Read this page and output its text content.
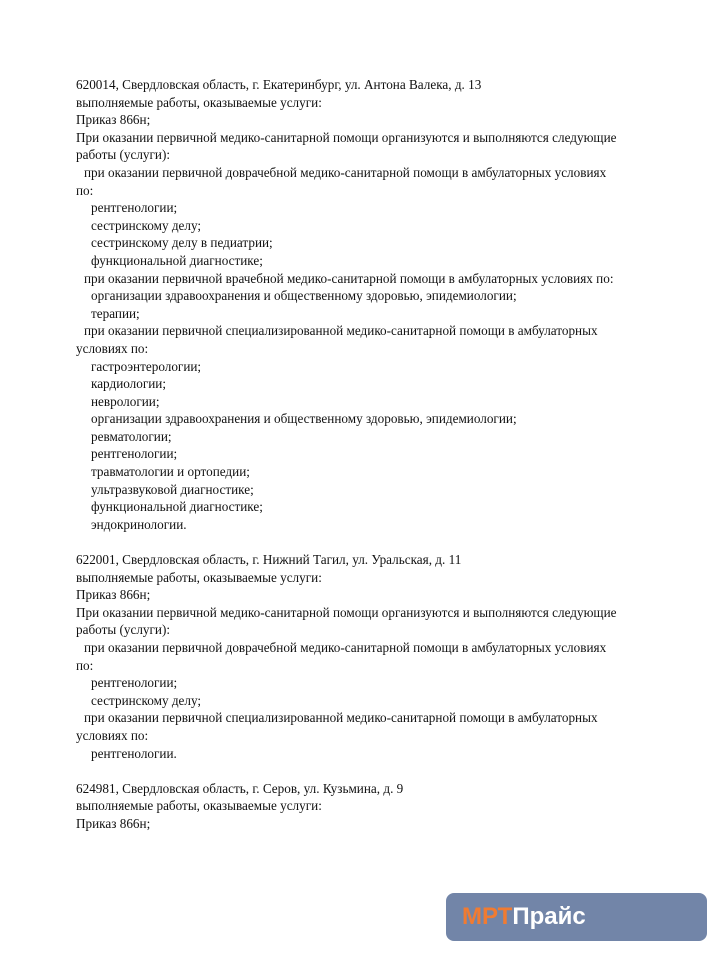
620014, Свердловская область, г. Екатеринбург, ул. Антона Валека, д. 13
выполняемые работы, оказываемые услуги:
Приказ 866н;
При оказании первичной медико-санитарной помощи организуются и выполняются следующие
работы (услуги):
при оказании первичной доврачебной медико-санитарной помощи в амбулаторных условиях
по:
рентгенологии;
сестринскому делу;
сестринскому делу в педиатрии;
функциональной диагностике;
при оказании первичной врачебной медико-санитарной помощи в амбулаторных условиях по:
организации здравоохранения и общественному здоровью, эпидемиологии;
терапии;
при оказании первичной специализированной медико-санитарной помощи в амбулаторных
условиях по:
гастроэнтерологии;
кардиологии;
неврологии;
организации здравоохранения и общественному здоровью, эпидемиологии;
ревматологии;
рентгенологии;
травматологии и ортопедии;
ультразвуковой диагностике;
функциональной диагностике;
эндокринологии.
622001, Свердловская область, г. Нижний Тагил, ул. Уральская, д. 11
выполняемые работы, оказываемые услуги:
Приказ 866н;
При оказании первичной медико-санитарной помощи организуются и выполняются следующие
работы (услуги):
при оказании первичной доврачебной медико-санитарной помощи в амбулаторных условиях
по:
рентгенологии;
сестринскому делу;
при оказании первичной специализированной медико-санитарной помощи в амбулаторных
условиях по:
рентгенологии.
624981, Свердловская область, г. Серов, ул. Кузьмина, д. 9
выполняемые работы, оказываемые услуги:
Приказ 866н;
МРТ Прайс
